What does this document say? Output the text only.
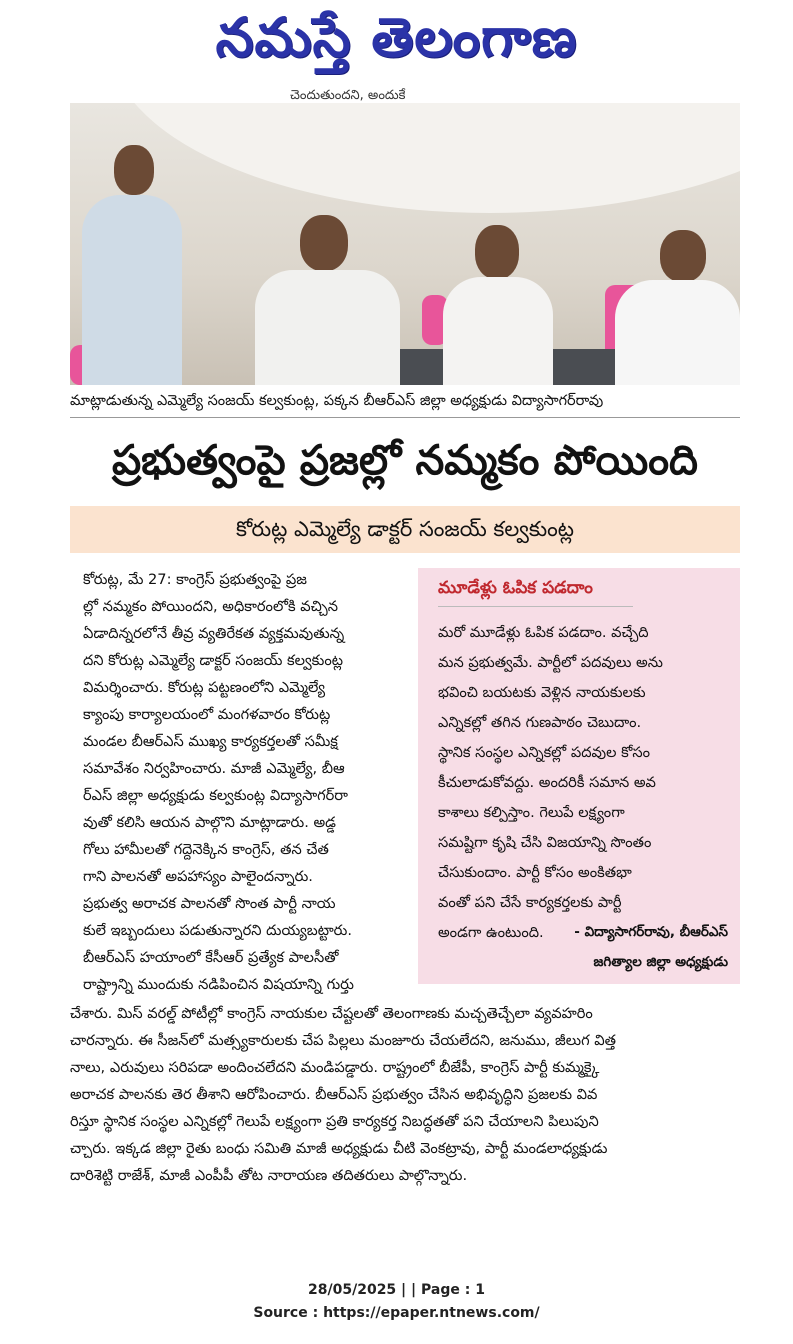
నమస్తే తెలంగాణ
చెందుతుందని, అందుకే
మాట్లాడుతున్న ఎమ్మెల్యే సంజయ్ కల్వకుంట్ల, పక్కన బీఆర్ఎస్ జిల్లా అధ్యక్షుడు విద్యాసాగర్‌రావు
ప్రభుత్వంపై ప్రజల్లో నమ్మకం పోయింది
కోరుట్ల ఎమ్మెల్యే డాక్టర్ సంజయ్ కల్వకుంట్ల
కోరుట్ల, మే 27: కాంగ్రెస్ ప్రభుత్వంపై ప్రజ
ల్లో నమ్మకం పోయిందని, అధికారంలోకి వచ్చిన
ఏడాదిన్నరలోనే తీవ్ర వ్యతిరేకత వ్యక్తమవుతున్న
దని కోరుట్ల ఎమ్మెల్యే డాక్టర్ సంజయ్ కల్వకుంట్ల
విమర్శించారు. కోరుట్ల పట్టణంలోని ఎమ్మెల్యే
క్యాంపు కార్యాలయంలో మంగళవారం కోరుట్ల
మండల బీఆర్ఎస్ ముఖ్య కార్యకర్తలతో సమీక్ష
సమావేశం నిర్వహించారు. మాజీ ఎమ్మెల్యే, బీఆ
ర్ఎస్ జిల్లా అధ్యక్షుడు కల్వకుంట్ల విద్యాసాగర్‌రా
వుతో కలిసి ఆయన పాల్గొని మాట్లాడారు. అడ్డ
గోలు హామీలతో గద్దెనెక్కిన కాంగ్రెస్, తన చేత
గాని పాలనతో అపహాస్యం పాలైందన్నారు.
ప్రభుత్వ అరాచక పాలనతో సొంత పార్టీ నాయ
కులే ఇబ్బందులు పడుతున్నారని దుయ్యబట్టారు.
బీఆర్ఎస్ హయాంలో కేసీఆర్ ప్రత్యేక పాలసీతో
రాష్ట్రాన్ని ముందుకు నడిపించిన విషయాన్ని గుర్తు
మూడేళ్లు ఓపిక పడదాం
మరో మూడేళ్లు ఓపిక పడదాం. వచ్చేది
మన ప్రభుత్వమే. పార్టీలో పదవులు అను
భవించి బయటకు వెళ్లిన నాయకులకు
ఎన్నికల్లో తగిన గుణపాఠం చెబుదాం.
స్థానిక సంస్థల ఎన్నికల్లో పదవుల కోసం
కీచులాడుకోవద్దు. అందరికీ సమాన అవ
కాశాలు కల్పిస్తాం. గెలుపే లక్ష్యంగా
సమష్టిగా కృషి చేసి విజయాన్ని సొంతం
చేసుకుందాం. పార్టీ కోసం అంకితభా
వంతో పని చేసే కార్యకర్తలకు పార్టీ
అండగా ఉంటుంది.	- విద్యాసాగర్‌రావు, బీఆర్ఎస్
జగిత్యాల జిల్లా అధ్యక్షుడు
చేశారు. మిస్ వరల్డ్ పోటీల్లో కాంగ్రెస్ నాయకుల చేష్టలతో తెలంగాణకు మచ్చతెచ్చేలా వ్యవహరిం
చారన్నారు. ఈ సీజన్‌లో మత్స్యకారులకు చేప పిల్లలు మంజూరు చేయలేదని, జనుము, జీలుగ విత్త
నాలు, ఎరువులు సరిపడా అందించలేదని మండిపడ్డారు. రాష్ట్రంలో బీజేపీ, కాంగ్రెస్ పార్టీ కుమ్మక్కై
అరాచక పాలనకు తెర తీశాని ఆరోపించారు. బీఆర్ఎస్ ప్రభుత్వం చేసిన అభివృద్ధిని ప్రజలకు వివ
రిస్తూ స్థానిక సంస్థల ఎన్నికల్లో గెలుపే లక్ష్యంగా ప్రతి కార్యకర్త నిబద్ధతతో పని చేయాలని పిలుపుని
చ్చారు. ఇక్కడ జిల్లా రైతు బంధు సమితి మాజీ అధ్యక్షుడు చీటి వెంకట్రావు, పార్టీ మండలాధ్యక్షుడు
దారిశెట్టి రాజేశ్, మాజీ ఎంపీపీ తోట నారాయణ తదితరులు పాల్గొన్నారు.
28/05/2025 | | Page : 1
Source : https://epaper.ntnews.com/
